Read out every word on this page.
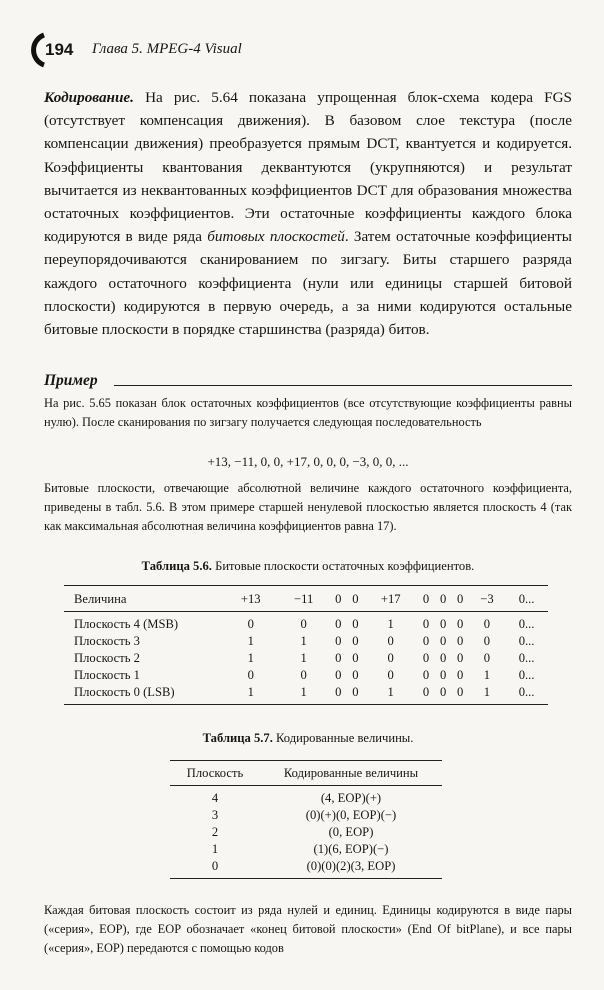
194 Глава 5. MPEG-4 Visual

Кодирование. На рис. 5.64 показана упрощенная блок-схема кодера FGS (отсутствует компенсация движения). В базовом слое текстура (после компенсации движения) преобразуется прямым DCT, квантуется и кодируется. Коэффициенты квантования деквантуются (укрупняются) и результат вычитается из неквантованных коэффициентов DCT для образования множества остаточных коэффициентов. Эти остаточные коэффициенты каждого блока кодируются в виде ряда битовых плоскостей. Затем остаточные коэффициенты переупорядочиваются сканированием по зигзагу. Биты старшего разряда каждого остаточного коэффициента (нули или единицы старшей битовой плоскости) кодируются в первую очередь, а за ними кодируются остальные битовые плоскости в порядке старшинства (разряда) битов.

Пример

На рис. 5.65 показан блок остаточных коэффициентов (все отсутствующие коэффициенты равны нулю). После сканирования по зигзагу получается следующая последовательность

+13, −11, 0, 0, +17, 0, 0, 0, −3, 0, 0, ...

Битовые плоскости, отвечающие абсолютной величине каждого остаточного коэффициента, приведены в табл. 5.6. В этом примере старшей ненулевой плоскостью является плоскость 4 (так как максимальная абсолютная величина коэффициентов равна 17).

Таблица 5.6. Битовые плоскости остаточных коэффициентов.
Величина	+13	−11	0	0	+17	0	0	0	−3	0...
Плоскость 4 (MSB)	0	0	0	0	1	0	0	0	0	0...
Плоскость 3	1	1	0	0	0	0	0	0	0	0...
Плоскость 2	1	1	0	0	0	0	0	0	0	0...
Плоскость 1	0	0	0	0	0	0	0	0	1	0...
Плоскость 0 (LSB)	1	1	0	0	1	0	0	0	1	0...
Таблица 5.7. Кодированные величины.
Плоскость	Кодированные величины
4	(4, EOP)(+)
3	(0)(+)(0, EOP)(−)
2	(0, EOP)
1	(1)(6, EOP)(−)
0	(0)(0)(2)(3, EOP)

Каждая битовая плоскость состоит из ряда нулей и единиц. Единицы кодируются в виде пары («серия», EOP), где EOP обозначает «конец битовой плоскости» (End Of bitPlane), и все пары («серия», EOP) передаются с помощью кодов
